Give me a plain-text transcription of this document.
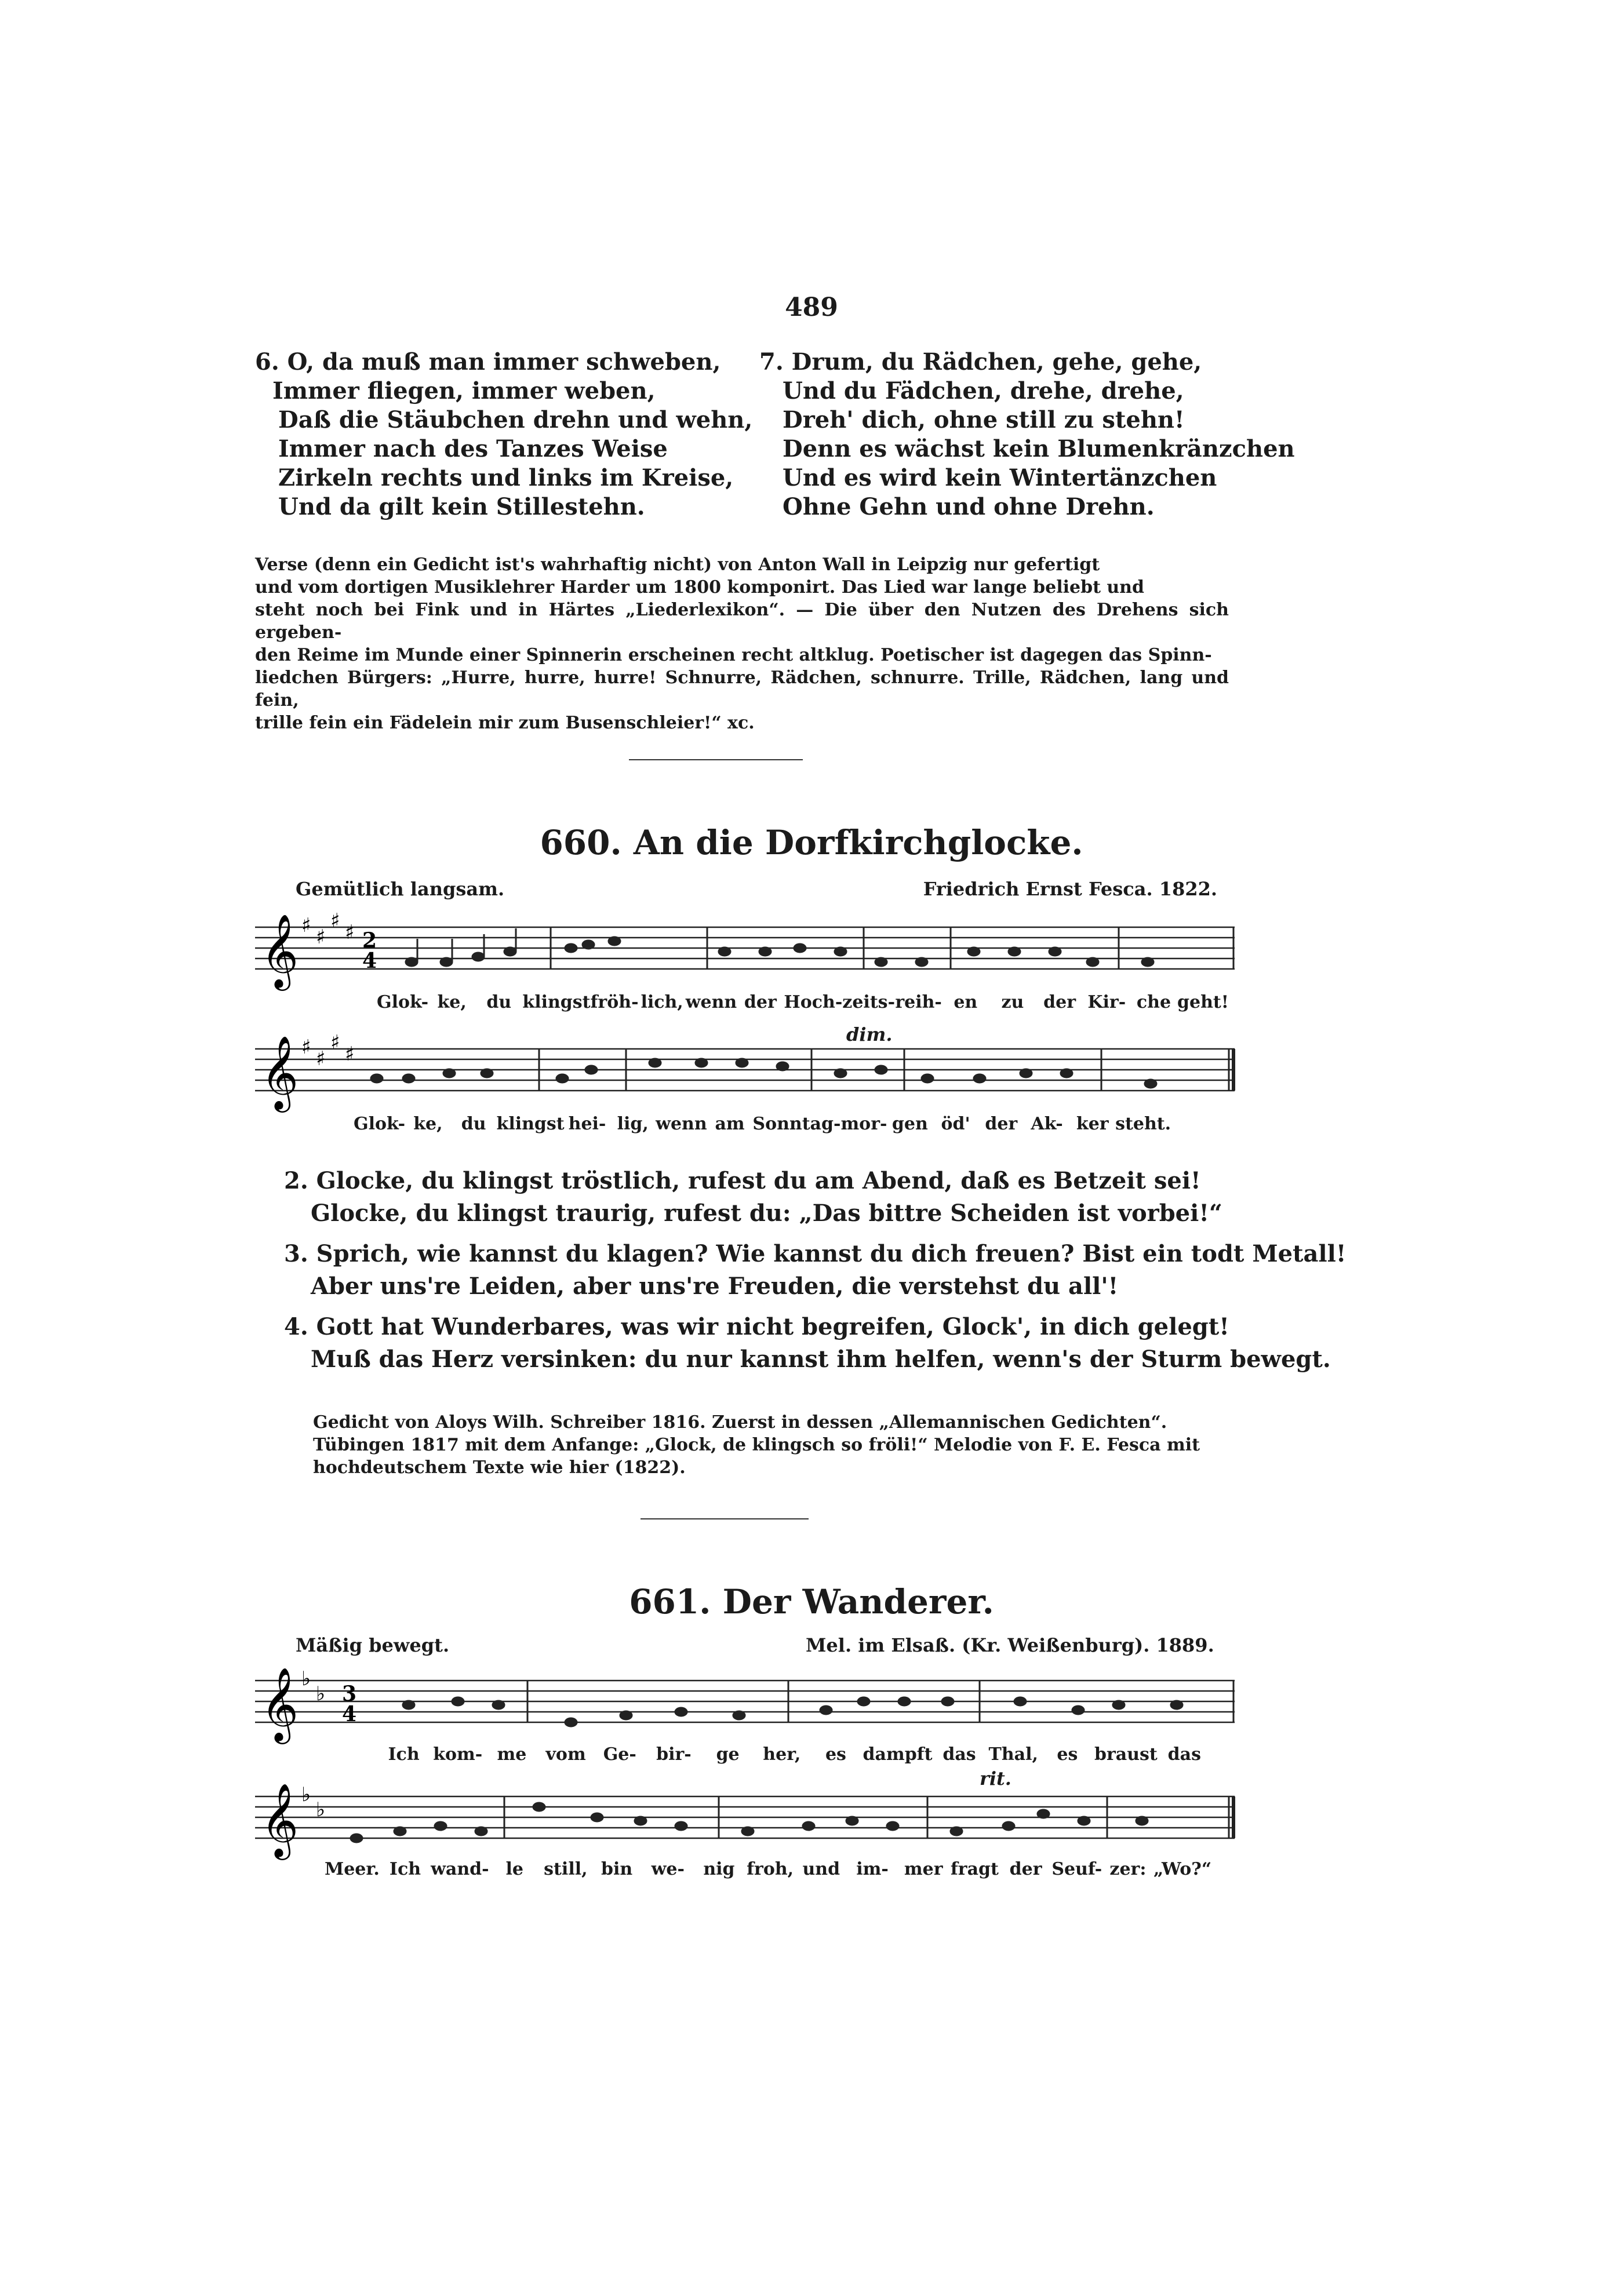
489
6. O, da muß man immer schweben,
Immer fliegen, immer weben,
Daß die Stäubchen drehn und wehn,
Immer nach des Tanzes Weise
Zirkeln rechts und links im Kreise,
Und da gilt kein Stillestehn.
7. Drum, du Rädchen, gehe, gehe,
Und du Fädchen, drehe, drehe,
Dreh' dich, ohne still zu stehn!
Denn es wächst kein Blumenkränzchen
Und es wird kein Wintertänzchen
Ohne Gehn und ohne Drehn.
Verse (denn ein Gedicht ist's wahrhaftig nicht) von Anton Wall in Leipzig nur gefertigt
und vom dortigen Musiklehrer Harder um 1800 komponirt. Das Lied war lange beliebt und
steht noch bei Fink und in Härtes „Liederlexikon“. — Die über den Nutzen des Drehens sich ergeben-
den Reime im Munde einer Spinnerin erscheinen recht altklug. Poetischer ist dagegen das Spinn-
liedchen Bürgers: „Hurre, hurre, hurre! Schnurre, Rädchen, schnurre. Trille, Rädchen, lang und fein,
trille fein ein Fädelein mir zum Busenschleier!“ xc.
660. An die Dorfkirchglocke.
Gemütlich langsam.	Friedrich Ernst Fesca. 1822.
𝄞 ♯ ♯
♯ ♯ 2
4
Glok- ke,	du klingst fröh- lich, wenn der Hoch- zeits- reih- en	zu	der Kir- che geht!
dim.
𝄞 ♯ ♯
♯ ♯
Glok- ke,	du klingst hei- lig, wenn am Sonntag- mor- gen öd' der Ak- ker steht.
2. Glocke, du klingst tröstlich, rufest du am Abend, daß es Betzeit sei!
Glocke, du klingst traurig, rufest du: „Das bittre Scheiden ist vorbei!“
3. Sprich, wie kannst du klagen? Wie kannst du dich freuen? Bist ein todt Metall!
Aber uns're Leiden, aber uns're Freuden, die verstehst du all'!
4. Gott hat Wunderbares, was wir nicht begreifen, Glock', in dich gelegt!
Muß das Herz versinken: du nur kannst ihm helfen, wenn's der Sturm bewegt.
Gedicht von Aloys Wilh. Schreiber 1816. Zuerst in dessen „Allemannischen Gedichten“.
Tübingen 1817 mit dem Anfange: „Glock, de klingsch so fröli!“ Melodie von F. E. Fesca mit
hochdeutschem Texte wie hier (1822).
661. Der Wanderer.
Mäßig bewegt.	Mel. im Elsaß. (Kr. Weißenburg). 1889.
𝄞 ♭
♭ 3
4
Ich kom- me	vom	Ge-	bir-	ge	her,	es dampft das Thal,	es braust das
rit.
𝄞 ♭
♭
Meer. Ich wand- le	still, bin	we-	nig froh, und im- mer fragt der Seuf- zer: „Wo?“
